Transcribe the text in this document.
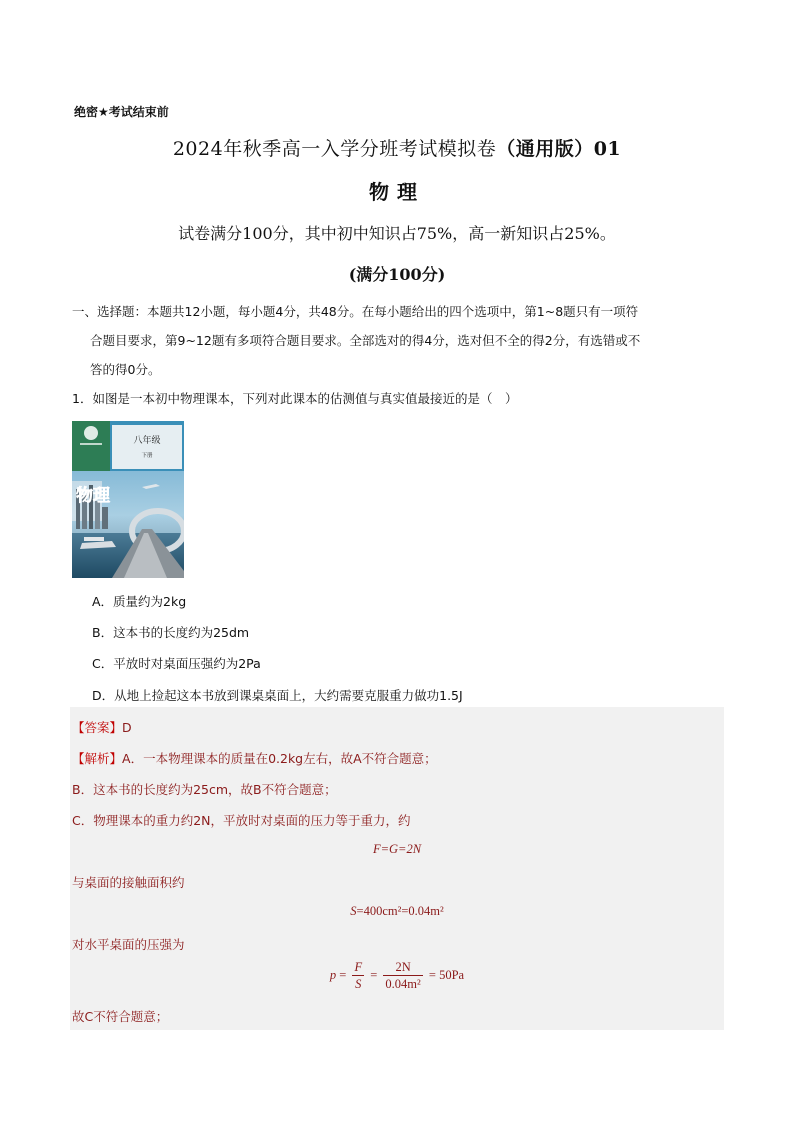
绝密★考试结束前
2024年秋季高一入学分班考试模拟卷（通用版）01
物理
试卷满分100分，其中初中知识占75%，高一新知识占25%。
(满分100分)
一、选择题：本题共12小题，每小题4分，共48分。在每小题给出的四个选项中，第1~8题只有一项符
合题目要求，第9~12题有多项符合题目要求。全部选对的得4分，选对但不全的得2分，有选错或不
答的得0分。
1．如图是一本初中物理课本，下列对此课本的估测值与真实值最接近的是（　）
八年级
下册
物理
A．质量约为2kg
B．这本书的长度约为25dm
C．平放时对桌面压强约为2Pa
D．从地上捡起这本书放到课桌桌面上，大约需要克服重力做功1.5J
【答案】D
【解析】A．一本物理课本的质量在0.2kg左右，故A不符合题意；
B．这本书的长度约为25cm，故B不符合题意；
C．物理课本的重力约2N，平放时对桌面的压力等于重力，约
F=G=2N
与桌面的接触面积约
S=400cm²=0.04m²
对水平桌面的压强为
$p = \frac{F}{S} = \frac{2N}{\text{0.04m²}} = 50Pa$
故C不符合题意；
